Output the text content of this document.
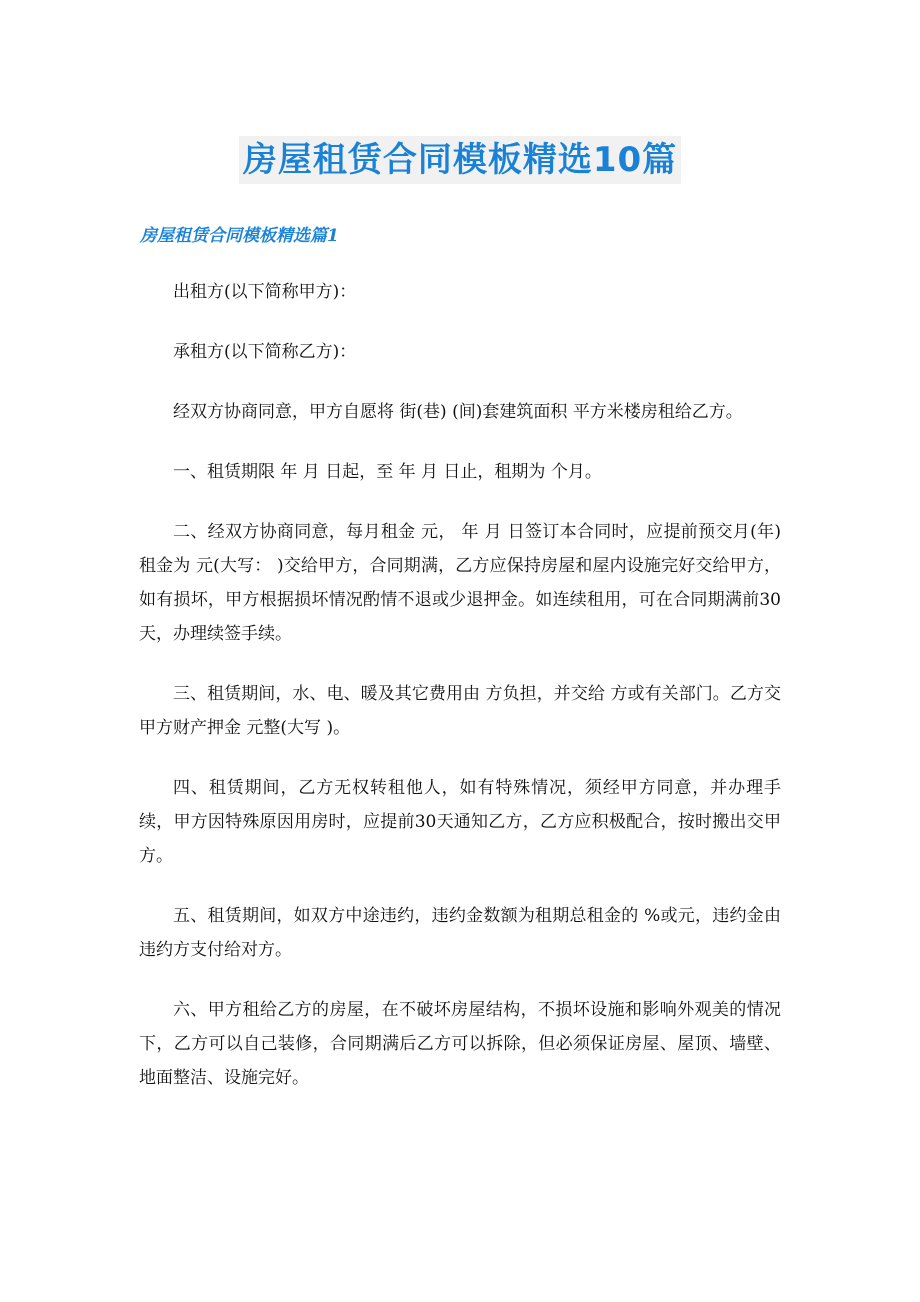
房屋租赁合同模板精选10篇
房屋租赁合同模板精选篇1

出租方(以下简称甲方)：

承租方(以下简称乙方)：

经双方协商同意，甲方自愿将 街(巷) (间)套建筑面积 平方米楼房租给乙方。

一、租赁期限 年 月 日起，至 年 月 日止，租期为 个月。

二、经双方协商同意，每月租金 元， 年 月 日签订本合同时，应提前预交月(年)租金为 元(大写： )交给甲方，合同期满，乙方应保持房屋和屋内设施完好交给甲方，如有损坏，甲方根据损坏情况酌情不退或少退押金。如连续租用，可在合同期满前30天，办理续签手续。

三、租赁期间，水、电、暖及其它费用由 方负担，并交给 方或有关部门。乙方交甲方财产押金 元整(大写 )。

四、租赁期间，乙方无权转租他人，如有特殊情况，须经甲方同意，并办理手续，甲方因特殊原因用房时，应提前30天通知乙方，乙方应积极配合，按时搬出交甲方。

五、租赁期间，如双方中途违约，违约金数额为租期总租金的 %或元，违约金由违约方支付给对方。

六、甲方租给乙方的房屋，在不破坏房屋结构，不损坏设施和影响外观美的情况下，乙方可以自己装修，合同期满后乙方可以拆除，但必须保证房屋、屋顶、墙壁、地面整洁、设施完好。
